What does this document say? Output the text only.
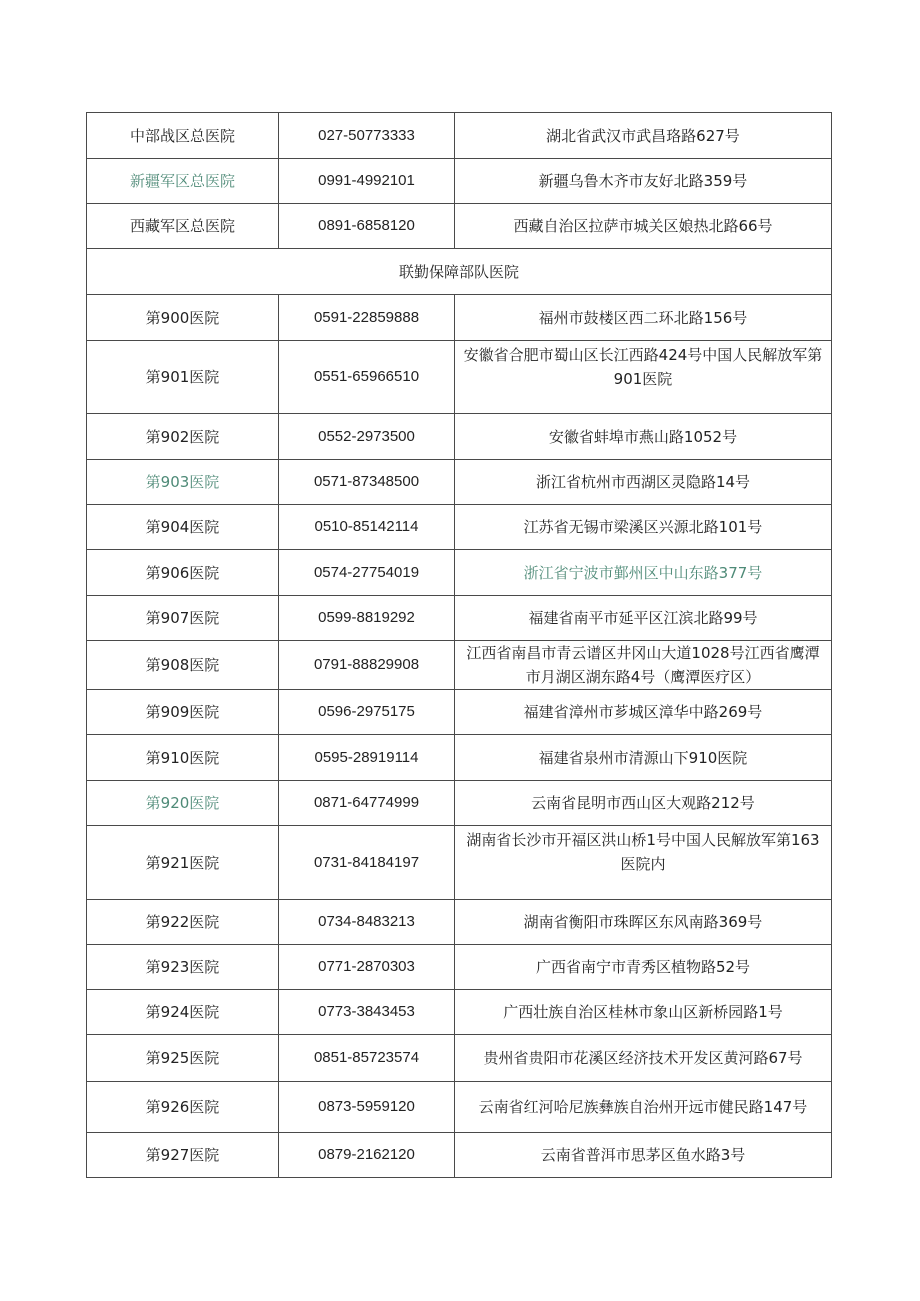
中部战区总医院	027-50773333	湖北省武汉市武昌珞路627号
新疆军区总医院	0991-4992101	新疆乌鲁木齐市友好北路359号
西藏军区总医院	0891-6858120	西藏自治区拉萨市城关区娘热北路66号
联勤保障部队医院		
第900医院	0591-22859888	福州市鼓楼区西二环北路156号
第901医院	0551-65966510	安徽省合肥市蜀山区长江西路424号中国人民解放军第901医院
第902医院	0552-2973500	安徽省蚌埠市燕山路1052号
第903医院	0571-87348500	浙江省杭州市西湖区灵隐路14号
第904医院	0510-85142114	江苏省无锡市梁溪区兴源北路101号
第906医院	0574-27754019	浙江省宁波市鄞州区中山东路377号
第907医院	0599-8819292	福建省南平市延平区江滨北路99号
第908医院	0791-88829908	江西省南昌市青云谱区井冈山大道1028号江西省鹰潭市月湖区湖东路4号（鹰潭医疗区）
第909医院	0596-2975175	福建省漳州市芗城区漳华中路269号
第910医院	0595-28919114	福建省泉州市清源山下910医院
第920医院	0871-64774999	云南省昆明市西山区大观路212号
第921医院	0731-84184197	湖南省长沙市开福区洪山桥1号中国人民解放军第163医院内
第922医院	0734-8483213	湖南省衡阳市珠晖区东风南路369号
第923医院	0771-2870303	广西省南宁市青秀区植物路52号
第924医院	0773-3843453	广西壮族自治区桂林市象山区新桥园路1号
第925医院	0851-85723574	贵州省贵阳市花溪区经济技术开发区黄河路67号
第926医院	0873-5959120	云南省红河哈尼族彝族自治州开远市健民路147号
第927医院	0879-2162120	云南省普洱市思茅区鱼水路3号
